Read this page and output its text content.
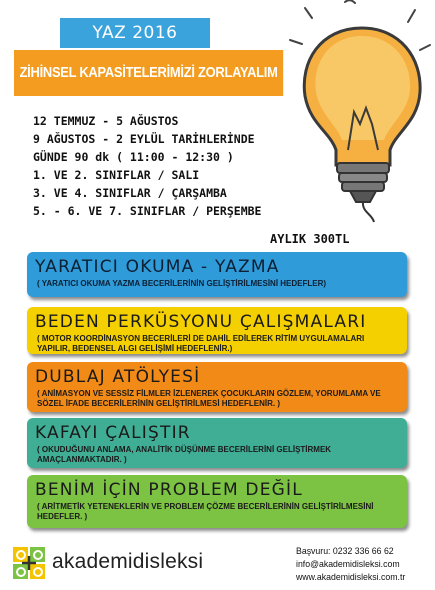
YAZ 2016
ZİHİNSEL KAPASİTELERİMİZİ ZORLAYALIM
12 TEMMUZ - 5 AĞUSTOS
9 AĞUSTOS - 2 EYLÜL TARİHLERİNDE
GÜNDE 90 dk ( 11:00 - 12:30 )
1. VE 2. SINIFLAR / SALI
3. VE 4. SINIFLAR / ÇARŞAMBA
5. - 6. VE 7. SINIFLAR / PERŞEMBE
AYLIK 300TL
YARATICI OKUMA - YAZMA
( YARATICI OKUMA YAZMA BECERİLERİNİN GELİŞTİRİLMESİNİ HEDEFLER)
BEDEN PERKÜSYONU ÇALIŞMALARI
( MOTOR KOORDİNASYON BECERİLERİ DE DAHİL EDİLEREK RİTİM UYGULAMALARI YAPILIR, BEDENSEL ALGI GELİŞİMİ HEDEFLENİR.)
DUBLAJ ATÖLYESİ
( ANİMASYON VE SESSİZ FİLMLER İZLENEREK ÇOCUKLARIN GÖZLEM, YORUMLAMA VE SÖZEL İFADE BECERİLERİNİN GELİŞTİRİLMESİ HEDEFLENİR. )
KAFAYI ÇALIŞTIR
( OKUDUĞUNU ANLAMA, ANALİTİK DÜŞÜNME BECERİLERİNİ GELİŞTİRMEK AMAÇLANMAKTADIR. )
BENİM İÇİN PROBLEM DEĞİL
( ARİTMETİK YETENEKLERİN VE PROBLEM ÇÖZME BECERİLERİNİN GELİŞTİRİLMESİNİ HEDEFLER. )
akademidisleksi	Başvuru: 0232 336 66 62
info@akademidisleksi.com
www.akademidisleksi.com.tr
